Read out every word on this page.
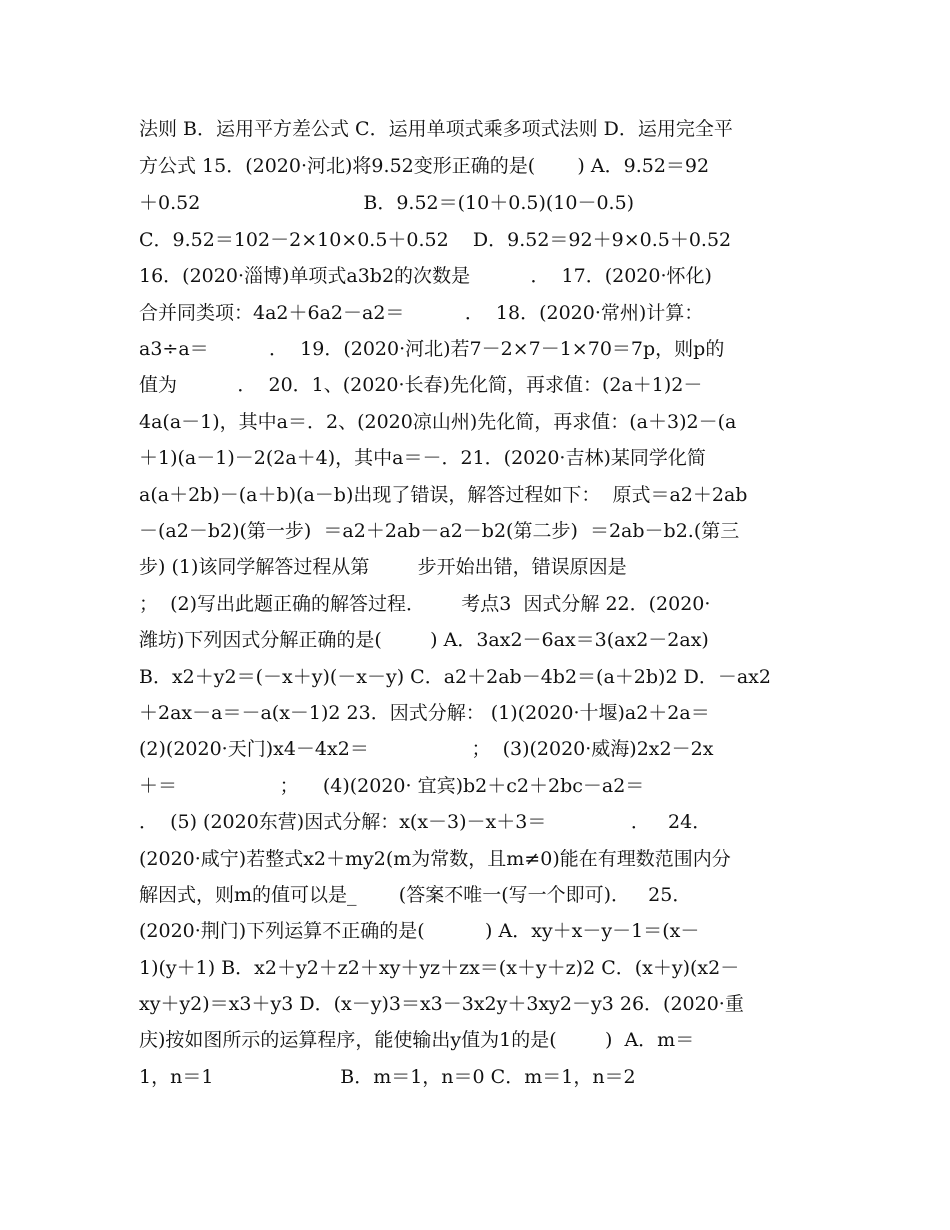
法则 B．运用平方差公式 C．运用单项式乘多项式法则 D．运用完全平
方公式 15．(2020·河北)将9.52变形正确的是(       ) A．9.52＝92
＋0.52                           B．9.52＝(10＋0.5)(10－0.5)
C．9.52＝102－2×10×0.5＋0.52    D．9.52＝92＋9×0.5＋0.52
16．(2020·淄博)单项式a3b2的次数是          ．  17．(2020·怀化)
合并同类项：4a2＋6a2－a2＝          ．  18．(2020·常州)计算：
a3÷a＝          ．  19．(2020·河北)若7－2×7－1×70＝7p，则p的
值为          ．  20．1、(2020·长春)先化简，再求值：(2a＋1)2－
4a(a－1)，其中a＝．2、(2020凉山州)先化简，再求值：(a＋3)2－(a
＋1)(a－1)－2(2a＋4)，其中a＝－．21．(2020·吉林)某同学化简
a(a＋2b)－(a＋b)(a－b)出现了错误，解答过程如下：  原式＝a2＋2ab
－(a2－b2)(第一步)  ＝a2＋2ab－a2－b2(第二步)  ＝2ab－b2.(第三
步) (1)该同学解答过程从第        步开始出错，错误原因是
；  (2)写出此题正确的解答过程．      考点3  因式分解 22．(2020·
潍坊)下列因式分解正确的是(        ) A．3ax2－6ax＝3(ax2－2ax)
B．x2＋y2＝(－x＋y)(－x－y) C．a2＋2ab－4b2＝(a＋2b)2 D．－ax2
＋2ax－a＝－a(x－1)2 23．因式分解： (1)(2020·十堰)a2＋2a＝
(2)(2020·天门)x4－4x2＝                 ；  (3)(2020·威海)2x2－2x
＋＝                 ；    (4)(2020· 宜宾)b2＋c2＋2bc－a2＝
．  (5) (2020东营)因式分解：x(x－3)－x＋3＝              ．   24．
(2020·咸宁)若整式x2＋my2(m为常数，且m≠0)能在有理数范围内分
解因式，则m的值可以是_       (答案不唯一(写一个即可)．   25．
(2020·荆门)下列运算不正确的是(          ) A．xy＋x－y－1＝(x－
1)(y＋1) B．x2＋y2＋z2＋xy＋yz＋zx＝(x＋y＋z)2 C．(x＋y)(x2－
xy＋y2)＝x3＋y3 D．(x－y)3＝x3－3x2y＋3xy2－y3 26．(2020·重
庆)按如图所示的运算程序，能使输出y值为1的是(        )  A．m＝
1，n＝1                     B．m＝1，n＝0 C．m＝1，n＝2
